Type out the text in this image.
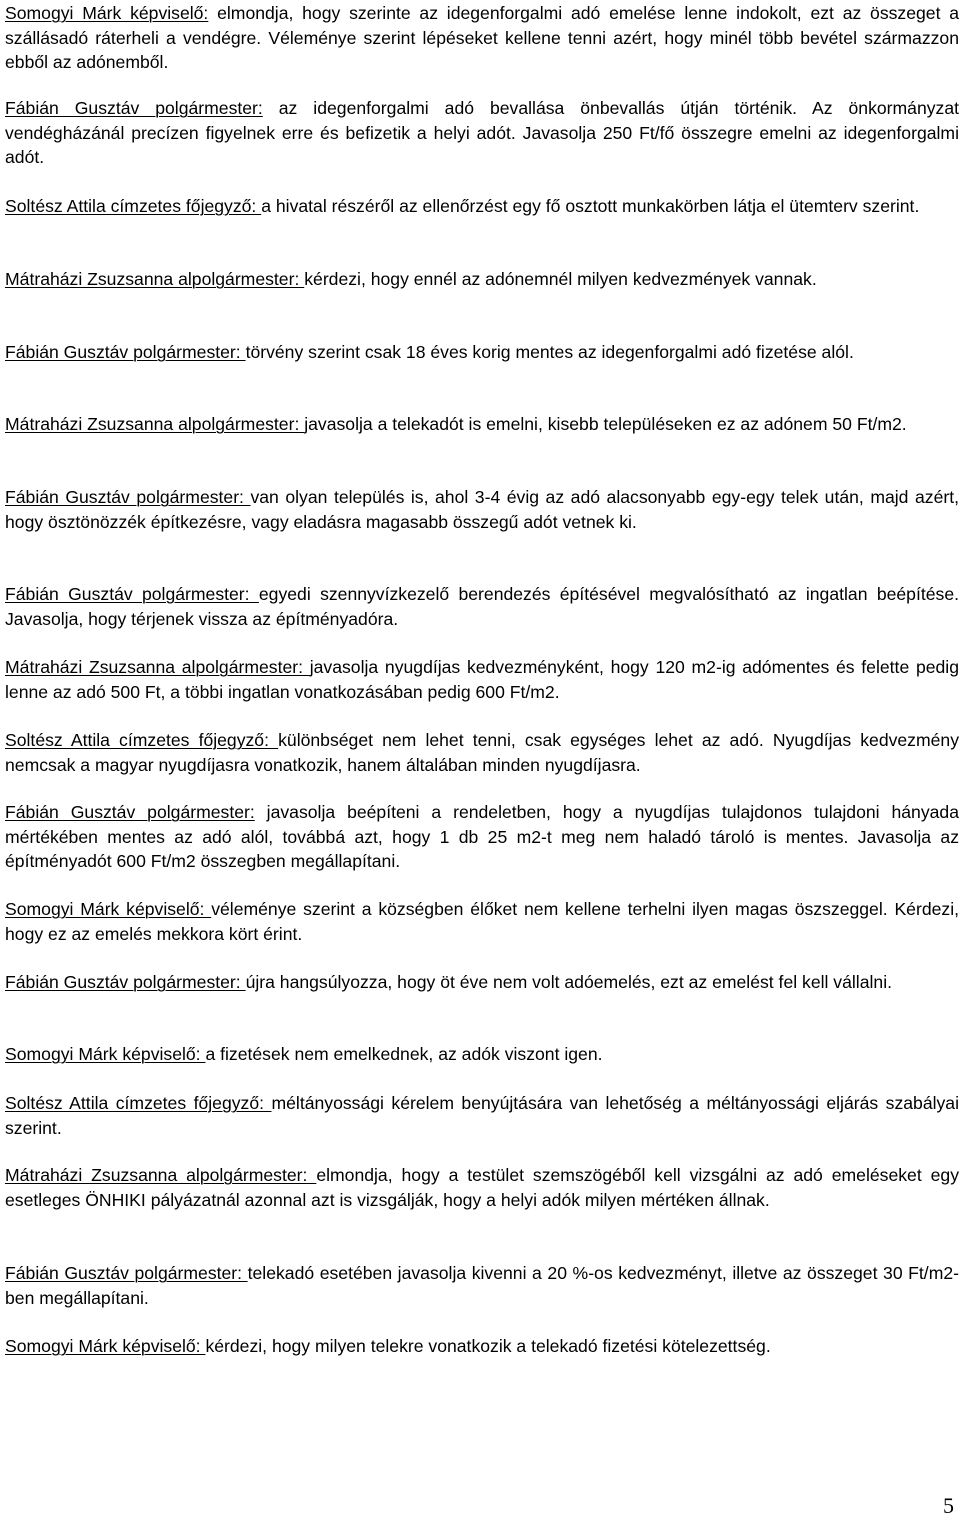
Somogyi Márk képviselő: elmondja, hogy szerinte az idegenforgalmi adó emelése lenne indokolt, ezt az összeget a szállásadó ráterheli a vendégre. Véleménye szerint lépéseket kellene tenni azért, hogy minél több bevétel származzon ebből az adónemből.

Fábián Gusztáv polgármester: az idegenforgalmi adó bevallása önbevallás útján történik. Az önkormányzat vendégházánál precízen figyelnek erre és befizetik a helyi adót. Javasolja 250 Ft/fő összegre emelni az idegenforgalmi adót.

Soltész Attila címzetes főjegyző: a hivatal részéről az ellenőrzést egy fő osztott munkakörben látja el ütemterv szerint.

Mátraházi Zsuzsanna alpolgármester: kérdezi, hogy ennél az adónemnél milyen kedvezmények vannak.

Fábián Gusztáv polgármester: törvény szerint csak 18 éves korig mentes az idegenforgalmi adó fizetése alól.

Mátraházi Zsuzsanna alpolgármester: javasolja a telekadót is emelni, kisebb településeken ez az adónem 50 Ft/m2.

Fábián Gusztáv polgármester: van olyan település is, ahol 3-4 évig az adó alacsonyabb egy-egy telek után, majd azért, hogy ösztönözzék építkezésre, vagy eladásra magasabb összegű adót vetnek ki.

Fábián Gusztáv polgármester: egyedi szennyvízkezelő berendezés építésével megvalósítható az ingatlan beépítése. Javasolja, hogy térjenek vissza az építményadóra.

Mátraházi Zsuzsanna alpolgármester: javasolja nyugdíjas kedvezményként, hogy 120 m2-ig adómentes és felette pedig lenne az adó 500 Ft, a többi ingatlan vonatkozásában pedig 600 Ft/m2.

Soltész Attila címzetes főjegyző: különbséget nem lehet tenni, csak egységes lehet az adó. Nyugdíjas kedvezmény nemcsak a magyar nyugdíjasra vonatkozik, hanem általában minden nyugdíjasra.

Fábián Gusztáv polgármester: javasolja beépíteni a rendeletben, hogy a nyugdíjas tulajdonos tulajdoni hányada mértékében mentes az adó alól, továbbá azt, hogy 1 db 25 m2-t meg nem haladó tároló is mentes. Javasolja az építményadót 600 Ft/m2 összegben megállapítani.

Somogyi Márk képviselő: véleménye szerint a községben élőket nem kellene terhelni ilyen magas öszszeggel. Kérdezi, hogy ez az emelés mekkora kört érint.

Fábián Gusztáv polgármester: újra hangsúlyozza, hogy öt éve nem volt adóemelés, ezt az emelést fel kell vállalni.

Somogyi Márk képviselő: a fizetések nem emelkednek, az adók viszont igen.

Soltész Attila címzetes főjegyző: méltányossági kérelem benyújtására van lehetőség a méltányossági eljárás szabályai szerint.

Mátraházi Zsuzsanna alpolgármester: elmondja, hogy a testület szemszögéből kell vizsgálni az adó emeléseket egy esetleges ÖNHIKI pályázatnál azonnal azt is vizsgálják, hogy a helyi adók milyen mértéken állnak.

Fábián Gusztáv polgármester: telekadó esetében javasolja kivenni a 20 %-os kedvezményt, illetve az összeget 30 Ft/m2-ben megállapítani.

Somogyi Márk képviselő: kérdezi, hogy milyen telekre vonatkozik a telekadó fizetési kötelezettség.

5
